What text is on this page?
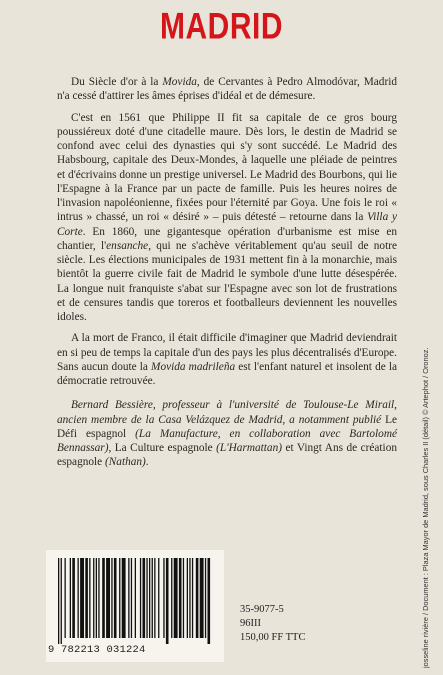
MADRID

Du Siècle d'or à la Movida, de Cervantes à Pedro Almodóvar, Madrid n'a cessé d'attirer les âmes éprises d'idéal et de démesure.

C'est en 1561 que Philippe II fit sa capitale de ce gros bourg poussiéreux doté d'une citadelle maure. Dès lors, le destin de Madrid se confond avec celui des dynasties qui s'y sont succédé. Le Madrid des Habsbourg, capitale des Deux-Mondes, à laquelle une pléiade de peintres et d'écrivains donne un prestige universel. Le Madrid des Bourbons, qui lie l'Espagne à la France par un pacte de famille. Puis les heures noires de l'invasion napoléonienne, fixées pour l'éternité par Goya. Une fois le roi « intrus » chassé, un roi « désiré » – puis détesté – retourne dans la Villa y Corte. En 1860, une gigantesque opération d'urbanisme est mise en chantier, l'ensanche, qui ne s'achève véritablement qu'au seuil de notre siècle. Les élections municipales de 1931 mettent fin à la monarchie, mais bientôt la guerre civile fait de Madrid le symbole d'une lutte désespérée. La longue nuit franquiste s'abat sur l'Espagne avec son lot de frustrations et de censures tandis que toreros et footballeurs deviennent les nouvelles idoles.

A la mort de Franco, il était difficile d'imaginer que Madrid deviendrait en si peu de temps la capitale d'un des pays les plus décentralisés d'Europe. Sans aucun doute la Movida madrileña est l'enfant naturel et insolent de la démocratie retrouvée.

Bernard Bessière, professeur à l'université de Toulouse-Le Mirail, ancien membre de la Casa Velázquez de Madrid, a notamment publié Le Défi espagnol (La Manufacture, en collaboration avec Bartolomé Bennassar), La Culture espagnole (L'Harmattan) et Vingt Ans de création espagnole (Nathan).

9 782213 031224
35-9077-5
96III
150,00 FF TTC	josseline rivière / Document : Plaza Mayor de Madrid, sous Charles II (détail) © Artephot / Oronoz.
